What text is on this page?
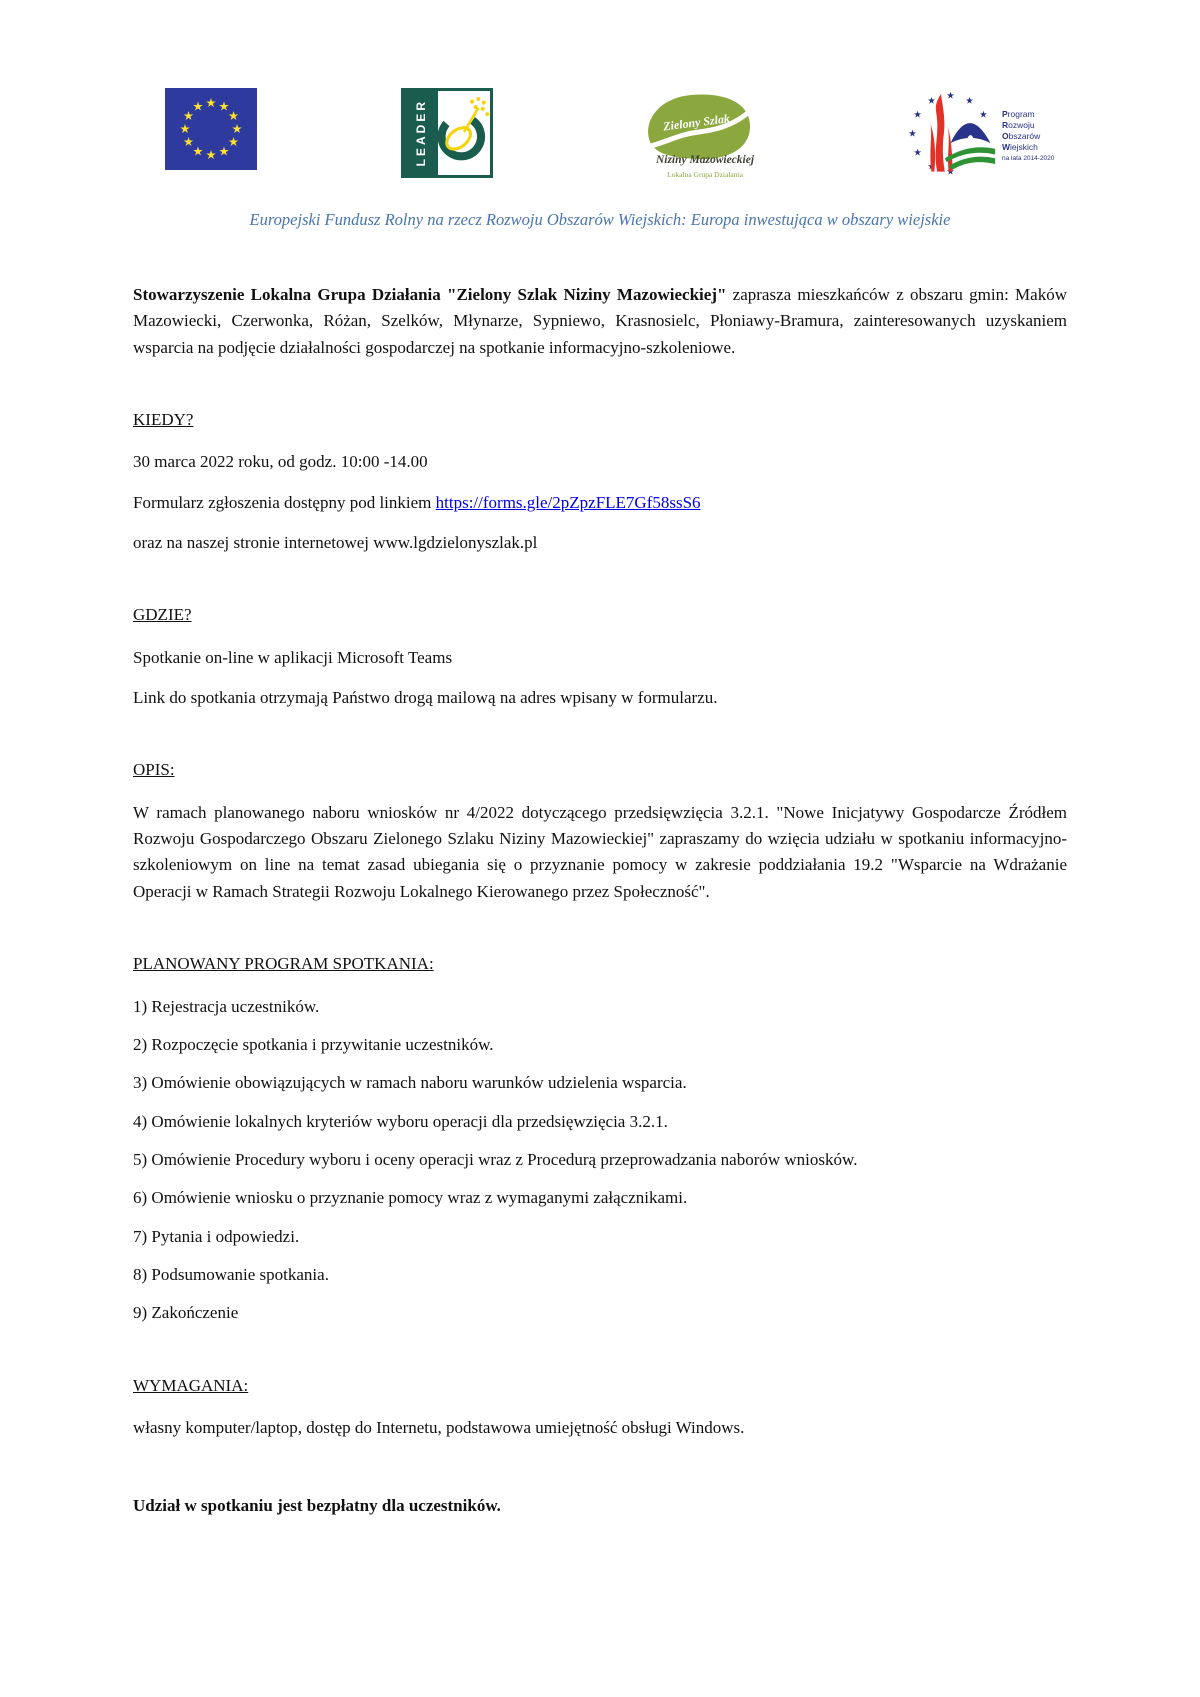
LEADER	Zielony Szlak
Niziny Mazowieckiej
Lokalna Grupa Działania
Program
Rozwoju
Obszarów
Wiejskich
na lata 2014-2020
Europejski Fundusz Rolny na rzecz Rozwoju Obszarów Wiejskich: Europa inwestująca w obszary wiejskie

Stowarzyszenie Lokalna Grupa Działania "Zielony Szlak Niziny Mazowieckiej" zaprasza mieszkańców z obszaru gmin: Maków Mazowiecki, Czerwonka, Różan, Szelków, Młynarze, Sypniewo, Krasnosielc, Płoniawy-Bramura, zainteresowanych uzyskaniem wsparcia na podjęcie działalności gospodarczej na spotkanie informacyjno-szkoleniowe.

KIEDY?

30 marca 2022 roku, od godz. 10:00 -14.00

Formularz zgłoszenia dostępny pod linkiem https://forms.gle/2pZpzFLE7Gf58ssS6

oraz na naszej stronie internetowej www.lgdzielonyszlak.pl

GDZIE?

Spotkanie on-line w aplikacji Microsoft Teams

Link do spotkania otrzymają Państwo drogą mailową na adres wpisany w formularzu.

OPIS:

W ramach planowanego naboru wniosków nr 4/2022 dotyczącego przedsięwzięcia 3.2.1. "Nowe Inicjatywy Gospodarcze Źródłem Rozwoju Gospodarczego Obszaru Zielonego Szlaku Niziny Mazowieckiej" zapraszamy do wzięcia udziału w spotkaniu informacyjno-szkoleniowym on line na temat zasad ubiegania się o przyznanie pomocy w zakresie poddziałania 19.2 "Wsparcie na Wdrażanie Operacji w Ramach Strategii Rozwoju Lokalnego Kierowanego przez Społeczność".

PLANOWANY PROGRAM SPOTKANIA:

1) Rejestracja uczestników.

2) Rozpoczęcie spotkania i przywitanie uczestników.

3) Omówienie obowiązujących w ramach naboru warunków udzielenia wsparcia.

4) Omówienie lokalnych kryteriów wyboru operacji dla przedsięwzięcia 3.2.1.

5) Omówienie Procedury wyboru i oceny operacji wraz z Procedurą przeprowadzania naborów wniosków.

6) Omówienie wniosku o przyznanie pomocy wraz z wymaganymi załącznikami.

7) Pytania i odpowiedzi.

8) Podsumowanie spotkania.

9) Zakończenie

WYMAGANIA:

własny komputer/laptop, dostęp do Internetu, podstawowa umiejętność obsługi Windows.

Udział w spotkaniu jest bezpłatny dla uczestników.
